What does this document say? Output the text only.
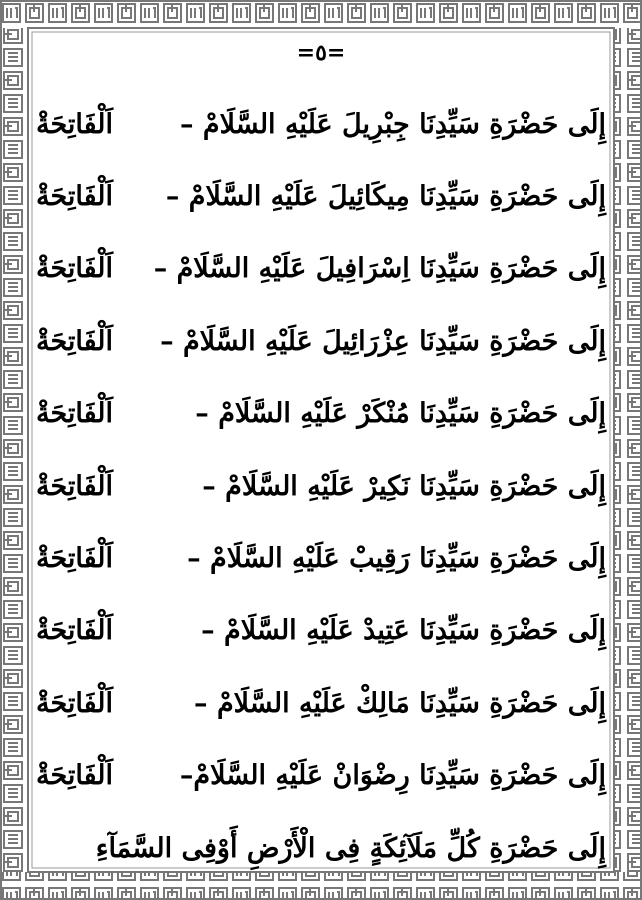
=٥=
إِلَى حَضْرَةِ سَيِّدِنَا جِبْرِيلَ عَلَيْهِ السَّلَامْ –
اَلْفَاتِحَةْ
إِلَى حَضْرَةِ سَيِّدِنَا مِيكَائِيلَ عَلَيْهِ السَّلَامْ –
اَلْفَاتِحَةْ
إِلَى حَضْرَةِ سَيِّدِنَا اِسْرَافِيلَ عَلَيْهِ السَّلَامْ –
اَلْفَاتِحَةْ
إِلَى حَضْرَةِ سَيِّدِنَا عِزْرَائِيلَ عَلَيْهِ السَّلَامْ –
اَلْفَاتِحَةْ
إِلَى حَضْرَةِ سَيِّدِنَا مُنْكَرْ عَلَيْهِ السَّلَامْ –
اَلْفَاتِحَةْ
إِلَى حَضْرَةِ سَيِّدِنَا نَكِيرْ عَلَيْهِ السَّلَامْ –
اَلْفَاتِحَةْ
إِلَى حَضْرَةِ سَيِّدِنَا رَقِيبْ عَلَيْهِ السَّلَامْ –
اَلْفَاتِحَةْ
إِلَى حَضْرَةِ سَيِّدِنَا عَتِيدْ عَلَيْهِ السَّلَامْ –
اَلْفَاتِحَةْ
إِلَى حَضْرَةِ سَيِّدِنَا مَالِكْ عَلَيْهِ السَّلَامْ –
اَلْفَاتِحَةْ
إِلَى حَضْرَةِ سَيِّدِنَا رِضْوَانْ عَلَيْهِ السَّلَامْ–
اَلْفَاتِحَةْ
إِلَى حَضْرَةِ كُلِّ مَلَآئِكَةٍ فِى الْأَرْضِ أَوْفِى السَّمَآءِ
